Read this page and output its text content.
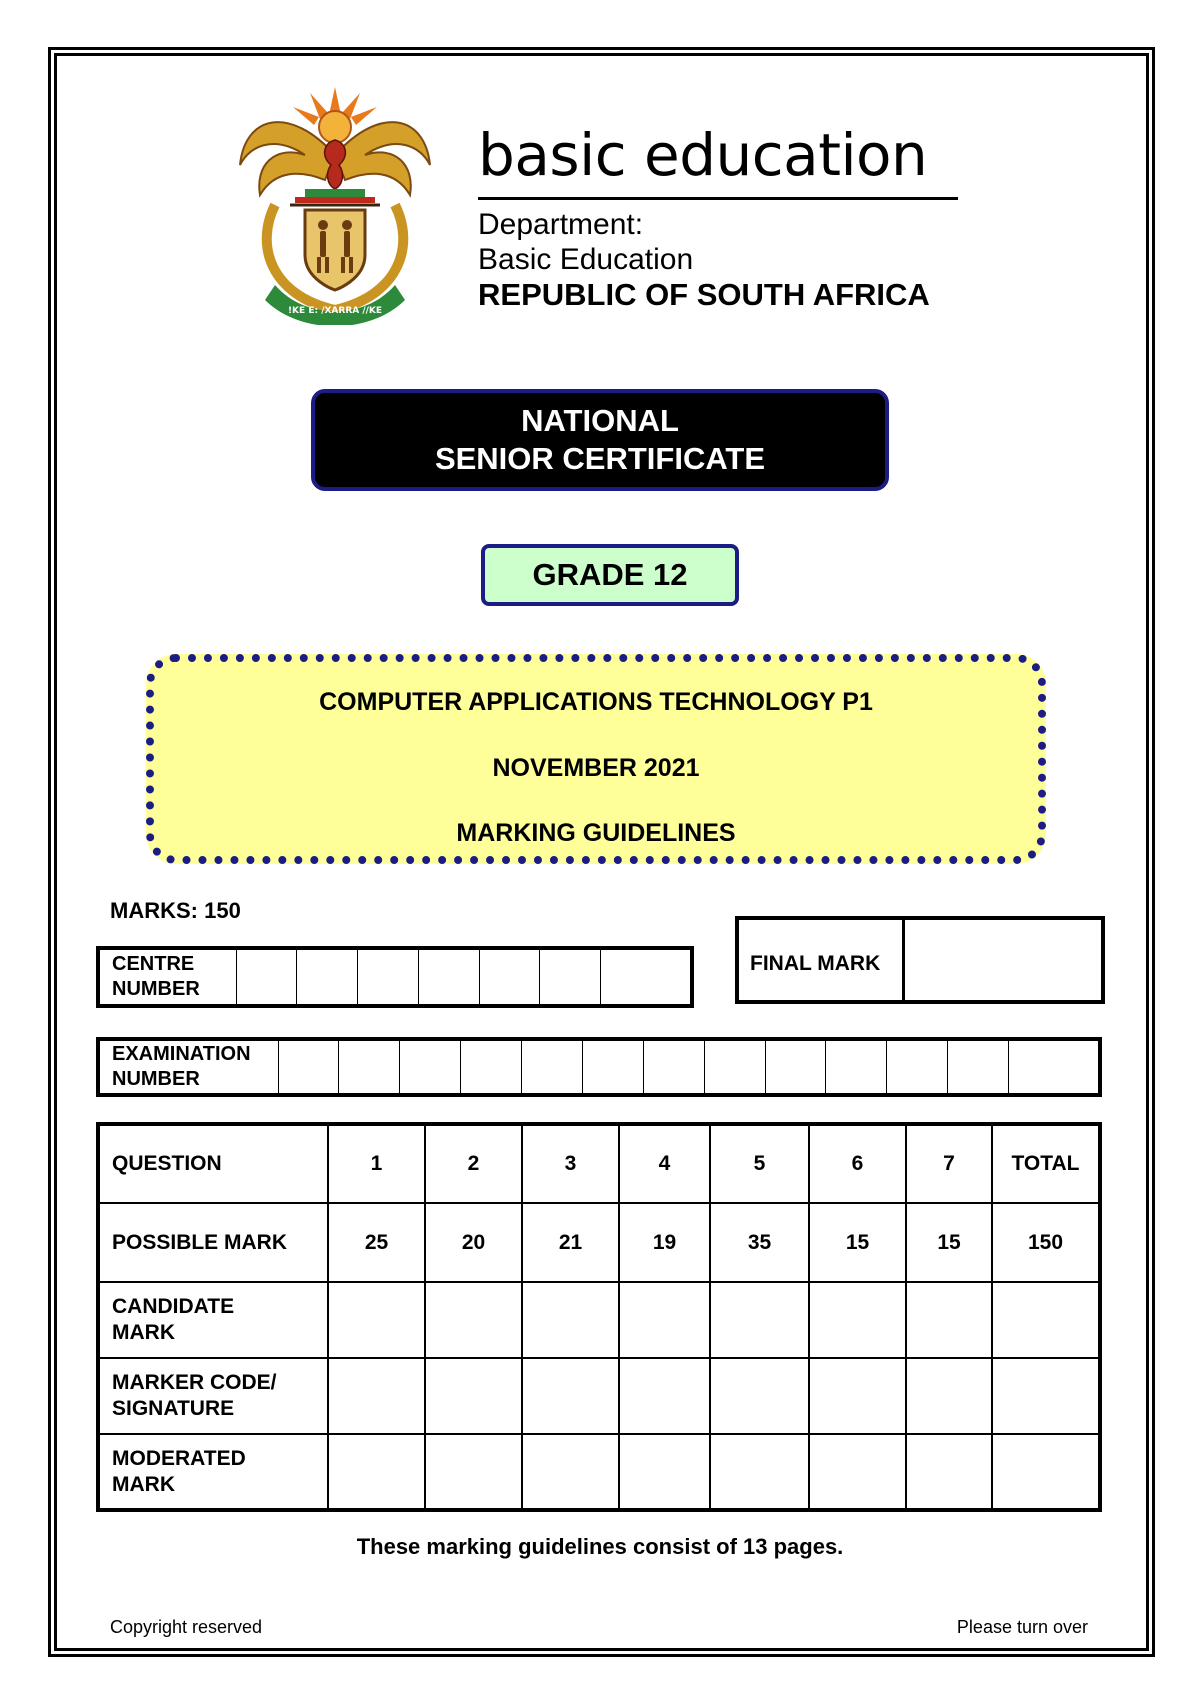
!KE E: /XARRA //KE
basic education
Department:
Basic Education
REPUBLIC OF SOUTH AFRICA
NATIONAL
SENIOR CERTIFICATE
GRADE 12
COMPUTER APPLICATIONS TECHNOLOGY P1
NOVEMBER 2021
MARKING GUIDELINES
MARKS: 150
CENTRE
NUMBER

FINAL MARK	
EXAMINATION
NUMBER

QUESTION	1	2	3	4	5	6	7	TOTAL
POSSIBLE MARK	25	20	21	19	35	15	15	150

CANDIDATE
MARK								

MARKER CODE/
SIGNATURE								

MODERATED
MARK								

These marking guidelines consist of 13 pages.
Copyright reserved	Please turn over
